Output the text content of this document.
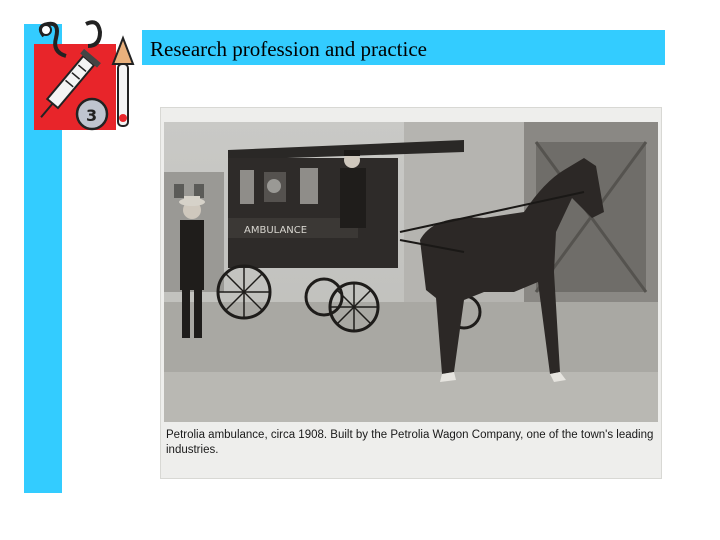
Research profession and practice
3
AMBULANCE
Petrolia ambulance, circa 1908. Built by the Petrolia Wagon Company, one of the town's leading industries.
